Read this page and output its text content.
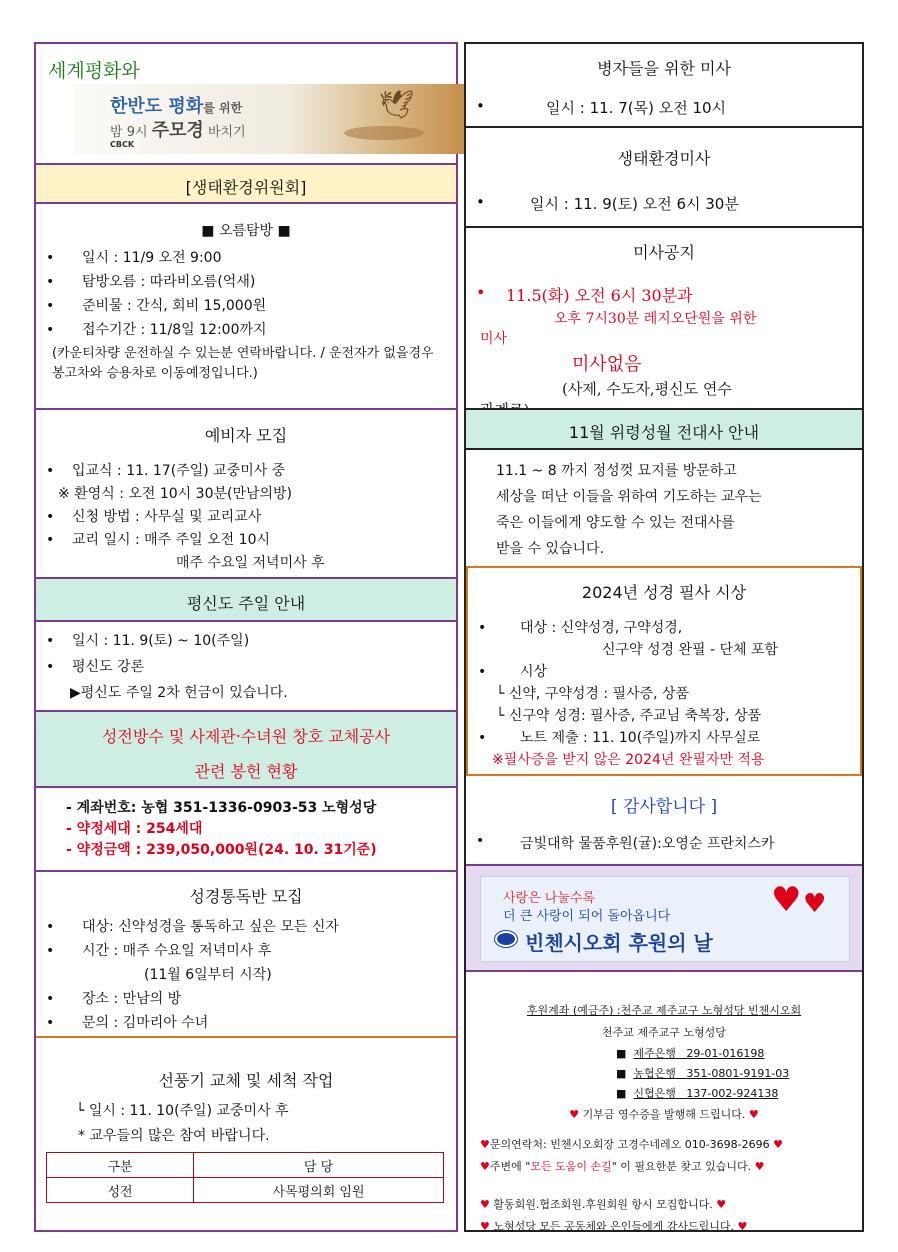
세계평화와
한반도 평화를 위한
밤 9시 주모경 바치기
CBCK
🕊
[생태환경위원회]
■ 오름탐방 ■
• 일시 : 11/9 오전 9:00
• 탐방오름 : 따라비오름(억새)
• 준비물 : 간식, 회비 15,000원
• 접수기간 : 11/8일 12:00까지
(카운티차량 운전하실 수 있는분 연락바랍니다. / 운전자가 없을경우 봉고차와 승용차로 이동예정입니다.)
예비자 모집
• 입교식 : 11. 17(주일) 교중미사 중
※ 환영식 : 오전 10시 30분(만남의방)
• 신청 방법 : 사무실 및 교리교사
• 교리 일시 : 매주 주일 오전 10시
매주 수요일 저녁미사 후
평신도 주일 안내
• 일시 : 11. 9(토) ~ 10(주일)
• 평신도 강론
▶평신도 주일 2차 헌금이 있습니다.
성전방수 및 사제관‧수녀원 창호 교체공사
관련 봉헌 현황
- 계좌번호: 농협 351-1336-0903-53 노형성당
- 약정세대 : 254세대
- 약정금액 : 239,050,000원(24. 10. 31기준)
성경통독반 모집
• 대상: 신약성경을 통독하고 싶은 모든 신자
• 시간 : 매주 수요일 저녁미사 후
(11월 6일부터 시작)
• 장소 : 만남의 방
• 문의 : 김마리아 수녀
선풍기 교체 및 세척 작업
└ 일시 : 11. 10(주일) 교중미사 후
* 교우들의 많은 참여 바랍니다.
구분	담 당
성전	사목평의회 임원
병자들을 위한 미사
• 일시 : 11. 7(목) 오전 10시
생태환경미사
• 일시 : 11. 9(토) 오전 6시 30분
미사공지
• 11.5(화) 오전 6시 30분과
오후 7시30분 레지오단원을 위한
미사
미사없음
(사제, 수도자,평신도 연수
11월 위령성월 전대사 안내
11.1 ~ 8 까지 정성껏 묘지를 방문하고
세상을 떠난 이들을 위하여 기도하는 교우는
죽은 이들에게 양도할 수 있는 전대사를
받을 수 있습니다.
2024년 성경 필사 시상
• 대상 : 신약성경, 구약성경,
신구약 성경 완필 - 단체 포함
• 시상
└ 신약, 구약성경 : 필사증, 상품
└ 신구약 성경: 필사증, 주교님 축복장, 상품
• 노트 제출 : 11. 10(주일)까지 사무실로
※필사증을 받지 않은 2024년 완필자만 적용
[ 감사합니다 ]
• 금빛대학 물품후원(귤):오영순 프란치스카
사랑은 나눌수록
더 큰 사랑이 되어 돌아옵니다	♥ ♥
빈첸시오회 후원의 날
후원계좌 (예금주) :천주교 제주교구 노형성당 빈첸시오회
천주교 제주교구 노형성당
■  제주은행 29-01-016198
■  농협은행 351-0801-9191-03
■  신협은행 137-002-924138
♥ 기부금 영수증을 발행해 드립니다. ♥
♥문의연락처: 빈첸시오회장 고경수네레오 010-3698-2696 ♥
♥주변에 "모든 도움이 손길" 이 필요한분 찾고 있습니다. ♥
♥ 활동회원.협조회원.후원회원 항시 모집합니다. ♥
♥ 노형성당 모든 공동체와 은인들에게 감사드립니다. ♥
